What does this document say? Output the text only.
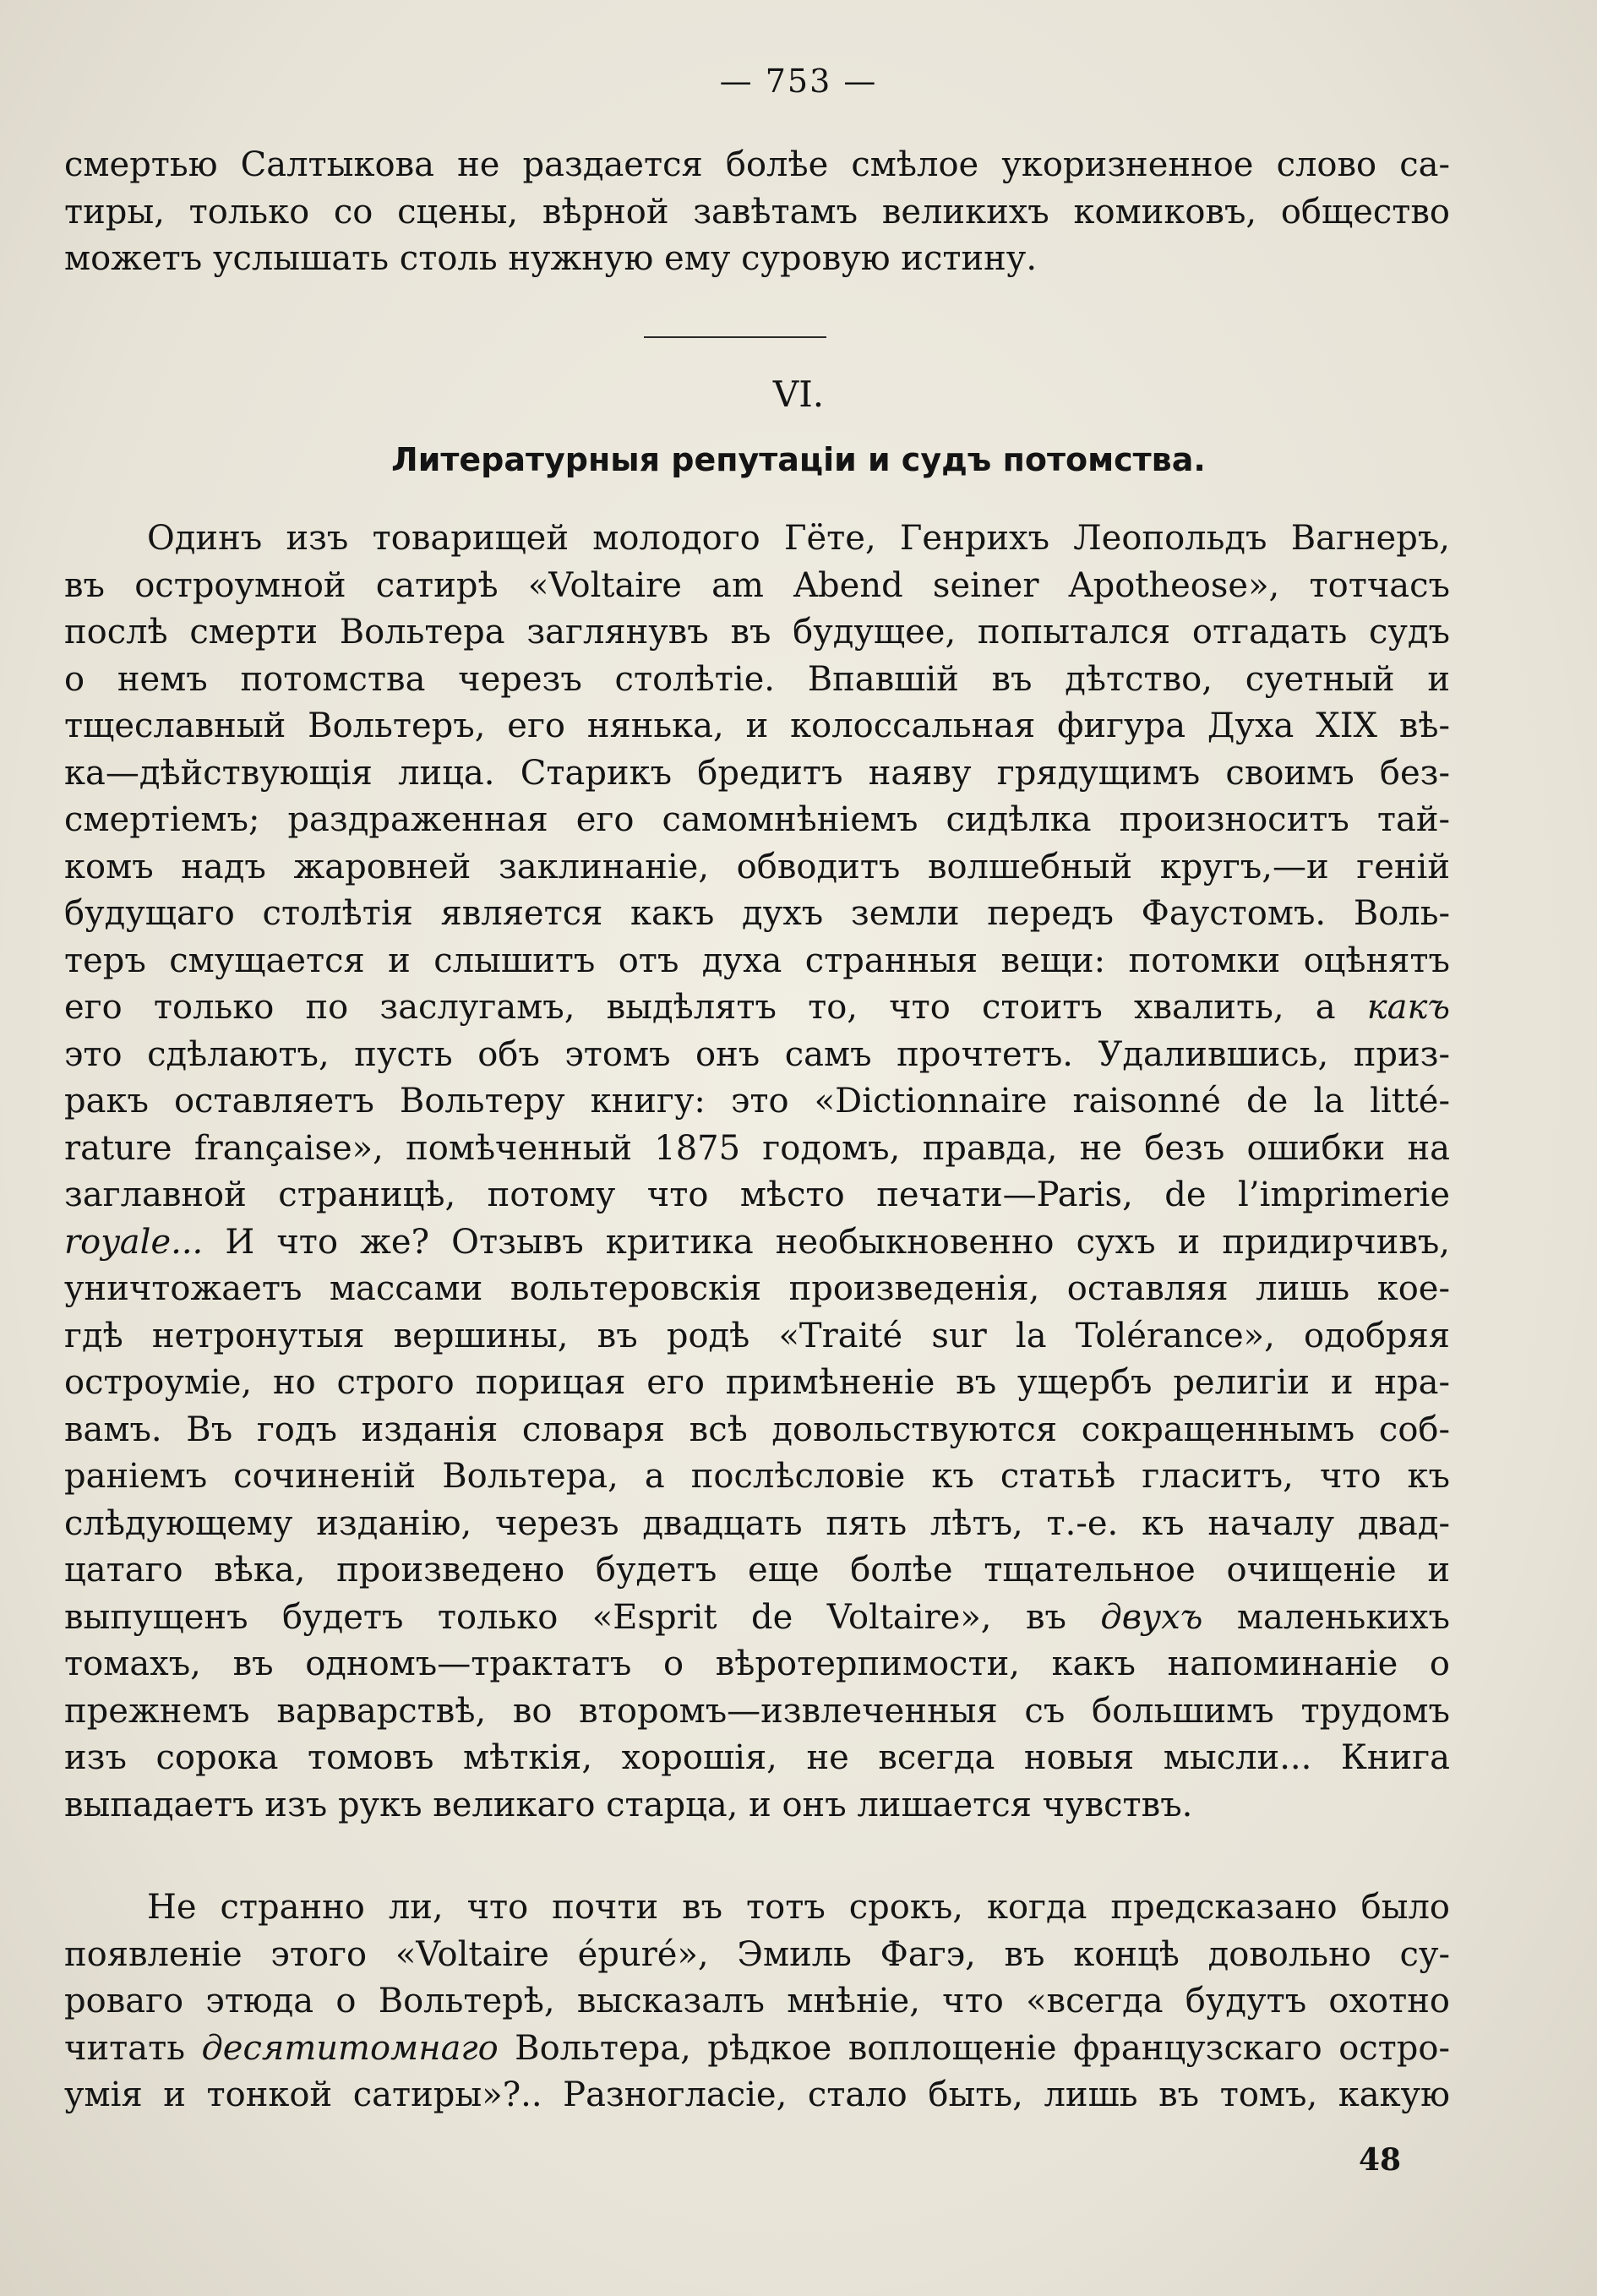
— 753 —
смертью Салтыкова не раздается болѣе смѣлое укоризненное слово са-
тиры, только со сцены, вѣрной завѣтамъ великихъ комиковъ, общество
можетъ услышать столь нужную ему суровую истину.
VI.
Литературныя репутаціи и судъ потомства.
Одинъ изъ товарищей молодого Гёте, Генрихъ Леопольдъ Вагнеръ,
въ остроумной сатирѣ «Voltaire am Abend seiner Apotheose», тотчасъ
послѣ смерти Вольтера заглянувъ въ будущее, попытался отгадать судъ
о немъ потомства черезъ столѣтіе. Впавшій въ дѣтство, суетный и
тщеславный Вольтеръ, его нянька, и колоссальная фигура Духа XIX вѣ-
ка—дѣйствующія лица. Старикъ бредитъ наяву грядущимъ своимъ без-
смертіемъ; раздраженная его самомнѣніемъ сидѣлка произноситъ тай-
комъ надъ жаровней заклинаніе, обводитъ волшебный кругъ,—и геній
будущаго столѣтія является какъ духъ земли передъ Фаустомъ. Воль-
теръ смущается и слышитъ отъ духа странныя вещи: потомки оцѣнятъ
его только по заслугамъ, выдѣлятъ то, что стоитъ хвалить, а какъ
это сдѣлаютъ, пусть объ этомъ онъ самъ прочтетъ. Удалившись, приз-
ракъ оставляетъ Вольтеру книгу: это «Dictionnaire raisonné de la litté-
rature française», помѣченный 1875 годомъ, правда, не безъ ошибки на
заглавной страницѣ, потому что мѣсто печати—Paris, de l’imprimerie
royale... И что же? Отзывъ критика необыкновенно сухъ и придирчивъ,
уничтожаетъ массами вольтеровскія произведенія, оставляя лишь кое-
гдѣ нетронутыя вершины, въ родѣ «Traité sur la Tolérance», одобряя
остроуміе, но строго порицая его примѣненіе въ ущербъ религіи и нра-
вамъ. Въ годъ изданія словаря всѣ довольствуются сокращеннымъ соб-
раніемъ сочиненій Вольтера, а послѣсловіе къ статьѣ гласитъ, что къ
слѣдующему изданію, черезъ двадцать пять лѣтъ, т.-е. къ началу двад-
цатаго вѣка, произведено будетъ еще болѣе тщательное очищеніе и
выпущенъ будетъ только «Esprit de Voltaire», въ двухъ маленькихъ
томахъ, въ одномъ—трактатъ о вѣротерпимости, какъ напоминаніе о
прежнемъ варварствѣ, во второмъ—извлеченныя съ большимъ трудомъ
изъ сорока томовъ мѣткія, хорошія, не всегда новыя мысли... Книга
выпадаетъ изъ рукъ великаго старца, и онъ лишается чувствъ.
Не странно ли, что почти въ тотъ срокъ, когда предсказано было
появленіе этого «Voltaire épuré», Эмиль Фагэ, въ концѣ довольно су-
роваго этюда о Вольтерѣ, высказалъ мнѣніе, что «всегда будутъ охотно
читать десятитомнаго Вольтера, рѣдкое воплощеніе французскаго остро-
умія и тонкой сатиры»?.. Разногласіе, стало быть, лишь въ томъ, какую
48
